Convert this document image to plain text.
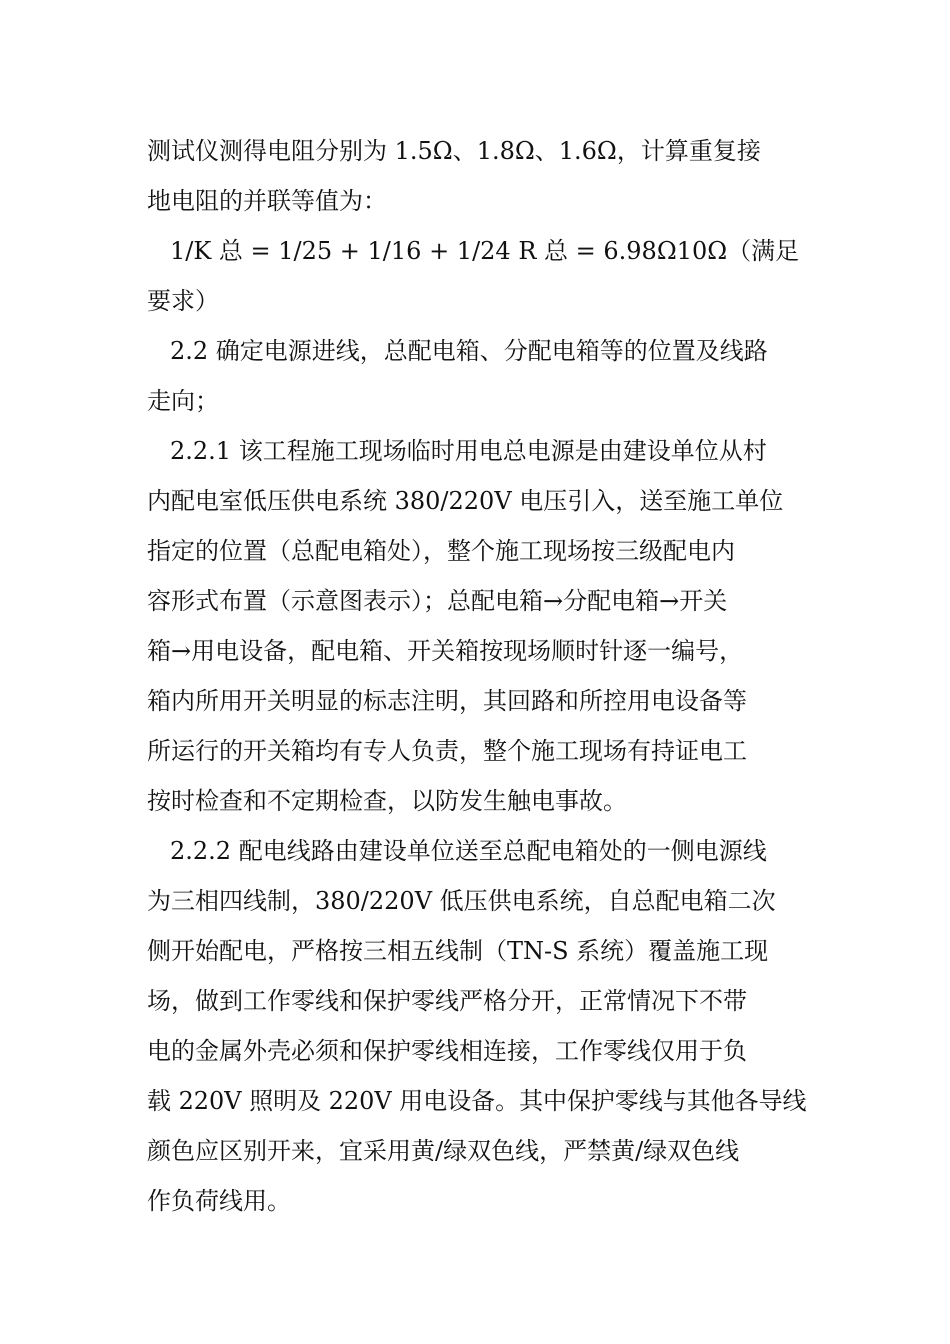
测试仪测得电阻分别为 1.5Ω、1.8Ω、1.6Ω，计算重复接
地电阻的并联等值为：
1/K 总 = 1/25 + 1/16 + 1/24 R 总 = 6.98Ω10Ω（满足
要求）
2.2 确定电源进线，总配电箱、分配电箱等的位置及线路
走向；
2.2.1 该工程施工现场临时用电总电源是由建设单位从村
内配电室低压供电系统 380/220V 电压引入，送至施工单位
指定的位置（总配电箱处），整个施工现场按三级配电内
容形式布置（示意图表示）；总配电箱→分配电箱→开关
箱→用电设备，配电箱、开关箱按现场顺时针逐一编号，
箱内所用开关明显的标志注明，其回路和所控用电设备等
所运行的开关箱均有专人负责，整个施工现场有持证电工
按时检查和不定期检查，以防发生触电事故。
2.2.2 配电线路由建设单位送至总配电箱处的一侧电源线
为三相四线制，380/220V 低压供电系统，自总配电箱二次
侧开始配电，严格按三相五线制（TN-S 系统）覆盖施工现
场，做到工作零线和保护零线严格分开，正常情况下不带
电的金属外壳必须和保护零线相连接，工作零线仅用于负
载 220V 照明及 220V 用电设备。其中保护零线与其他各导线
颜色应区别开来，宜采用黄/绿双色线，严禁黄/绿双色线
作负荷线用。
